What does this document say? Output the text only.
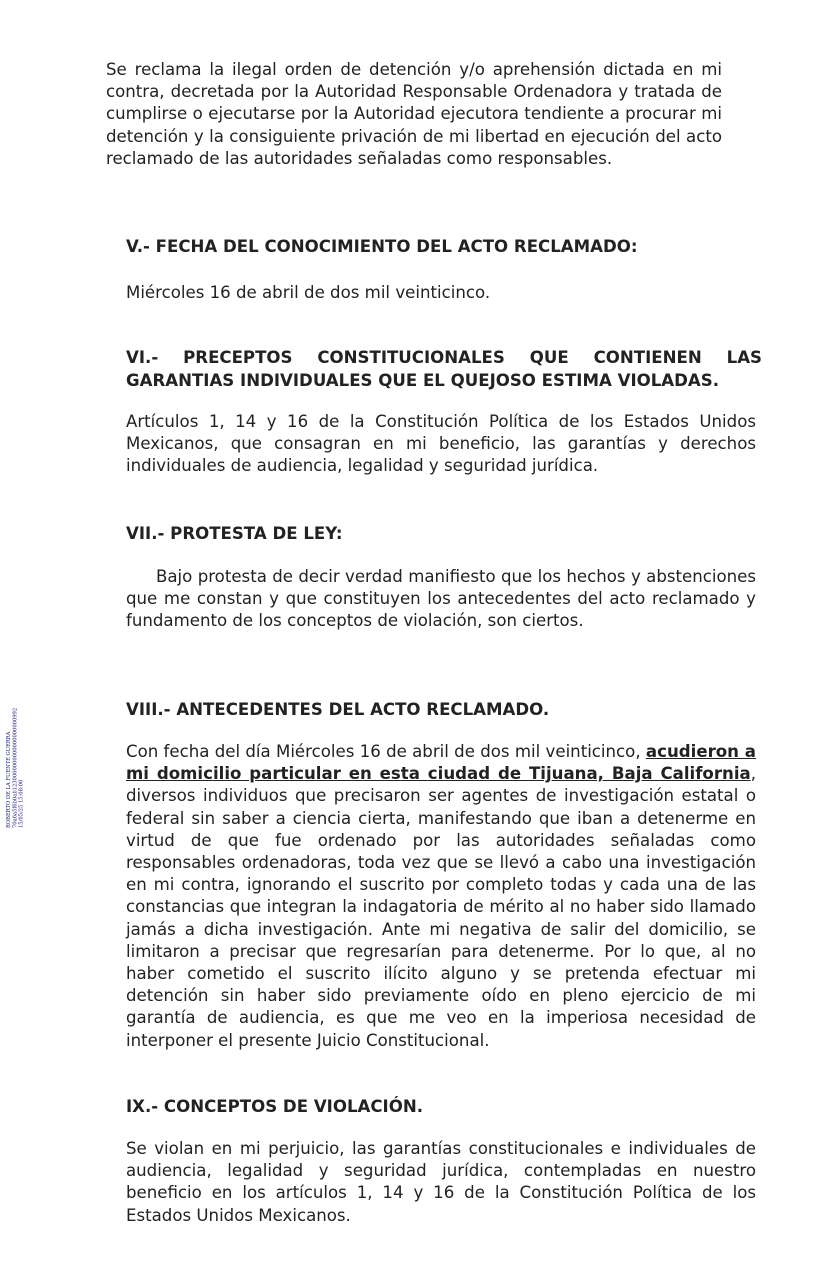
ROBERTO DE LA FUENTE GUERRA 70a6a5f6b0ab1230000000000000000000992 15/05/25 15:08:00

Se reclama la ilegal orden de detención y/o aprehensión dictada en mi contra, decretada por la Autoridad Responsable Ordenadora y tratada de cumplirse o ejecutarse por la Autoridad ejecutora tendiente a procurar mi detención y la consiguiente privación de mi libertad en ejecución del acto reclamado de las autoridades señaladas como responsables.

V.- FECHA DEL CONOCIMIENTO DEL ACTO RECLAMADO:

Miércoles 16 de abril de dos mil veinticinco.

VI.- PRECEPTOS CONSTITUCIONALES QUE CONTIENEN LAS GARANTIAS INDIVIDUALES QUE EL QUEJOSO ESTIMA VIOLADAS.

Artículos 1, 14 y 16 de la Constitución Política de los Estados Unidos Mexicanos, que consagran en mi beneficio, las garantías y derechos individuales de audiencia, legalidad y seguridad jurídica.

VII.- PROTESTA DE LEY:

Bajo protesta de decir verdad manifiesto que los hechos y abstenciones que me constan y que constituyen los antecedentes del acto reclamado y fundamento de los conceptos de violación, son ciertos.

VIII.- ANTECEDENTES DEL ACTO RECLAMADO.

Con fecha del día Miércoles 16 de abril de dos mil veinticinco, acudieron a mi domicilio particular en esta ciudad de Tijuana, Baja California, diversos individuos que precisaron ser agentes de investigación estatal o federal sin saber a ciencia cierta, manifestando que iban a detenerme en virtud de que fue ordenado por las autoridades señaladas como responsables ordenadoras, toda vez que se llevó a cabo una investigación en mi contra, ignorando el suscrito por completo todas y cada una de las constancias que integran la indagatoria de mérito al no haber sido llamado jamás a dicha investigación. Ante mi negativa de salir del domicilio, se limitaron a precisar que regresarían para detenerme. Por lo que, al no haber cometido el suscrito ilícito alguno y se pretenda efectuar mi detención sin haber sido previamente oído en pleno ejercicio de mi garantía de audiencia, es que me veo en la imperiosa necesidad de interponer el presente Juicio Constitucional.

IX.- CONCEPTOS DE VIOLACIÓN.

Se violan en mi perjuicio, las garantías constitucionales e individuales de audiencia, legalidad y seguridad jurídica, contempladas en nuestro beneficio en los artículos 1, 14 y 16 de la Constitución Política de los Estados Unidos Mexicanos.
